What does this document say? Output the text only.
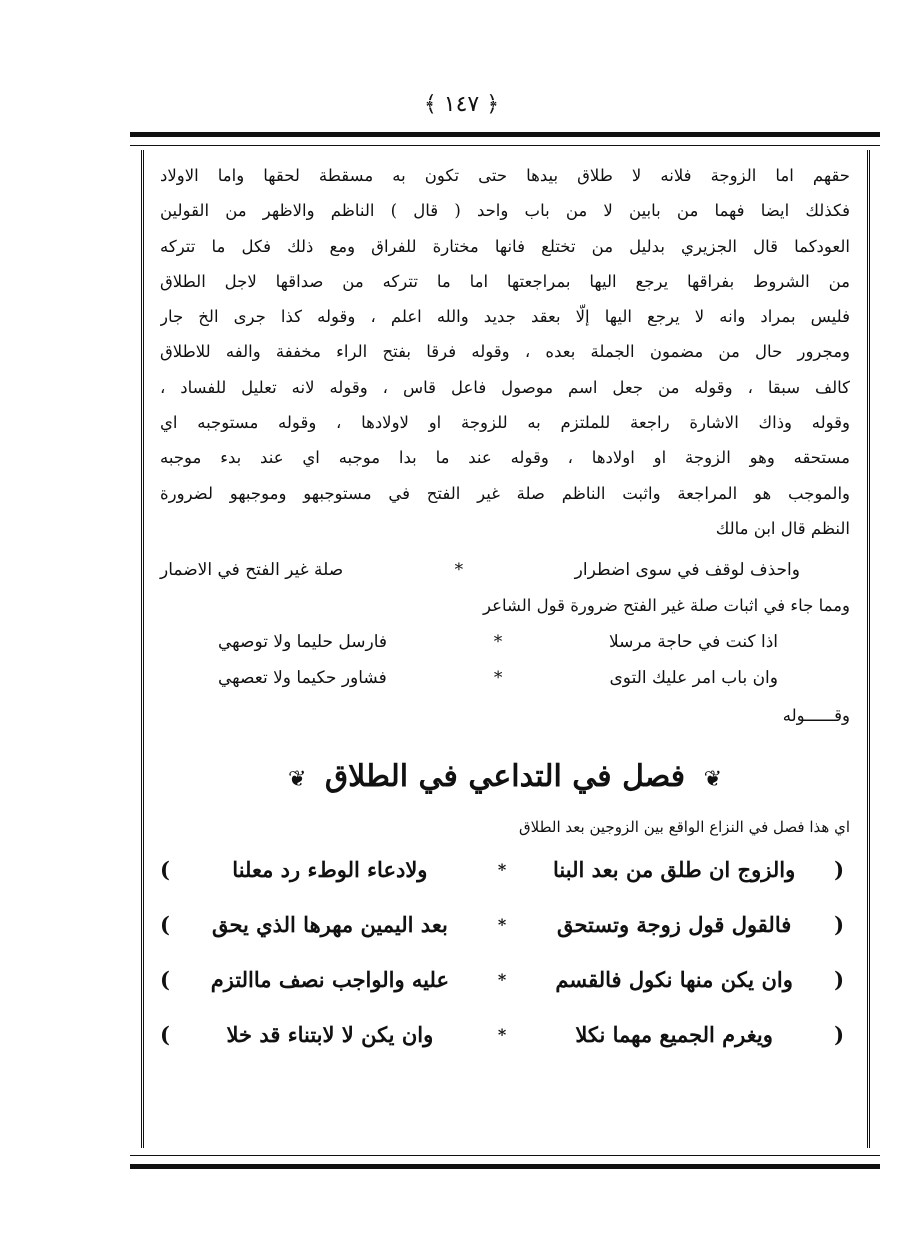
﴿ ١٤٧ ﴾

حقهم اما الزوجة فلانه لا طلاق بيدها حتى تكون به مسقطة لحقها واما الاولاد

فكذلك ايضا فهما من بابين لا من باب واحد ( قال ) الناظم والاظهر من القولين

العودكما قال الجزيري بدليل من تختلع فانها مختارة للفراق ومع ذلك فكل ما تتركه

من الشروط بفراقها يرجع اليها بمراجعتها اما ما تتركه من صداقها لاجل الطلاق

فليس بمراد وانه لا يرجع اليها إلّا بعقد جديد والله اعلم ، وقوله كذا جرى الخ جار

ومجرور حال من مضمون الجملة بعده ، وقوله فرقا بفتح الراء مخففة والفه للاطلاق

كالف سبقا ، وقوله من جعل اسم موصول فاعل قاس ، وقوله لانه تعليل للفساد ،

وقوله وذاك الاشارة راجعة للملتزم به للزوجة او لاولادها ، وقوله مستوجبه اي

مستحقه وهو الزوجة او اولادها ، وقوله عند ما بدا موجبه اي عند بدء موجبه

والموجب هو المراجعة واثبت الناظم صلة غير الفتح في مستوجبهو وموجبهو لضرورة

النظم قال ابن مالك

واحذف لوقف في سوى اضطرار
*
صلة غير الفتح في الاضمار
ومما جاء في اثبات صلة غير الفتح ضرورة قول الشاعر
اذا كنت في حاجة مرسلا
*
فارسل حليما ولا توصهي
وان باب امر عليك التوى
*
فشاور حكيما ولا تعصهي
وقــــــوله
❦ فصل في التداعي في الطلاق ❦
اي هذا فصل في النزاع الواقع بين الزوجين بعد الطلاق
(
والزوج ان طلق من بعد البنا
*
ولادعاء الوطء رد معلنا
)
(
فالقول قول زوجة وتستحق
*
بعد اليمين مهرها الذي يحق
)
(
وان يكن منها نكول فالقسم
*
عليه والواجب نصف ماالتزم
)
(
ويغرم الجميع مهما نكلا
*
وان يكن لا لابتناء قد خلا
)
